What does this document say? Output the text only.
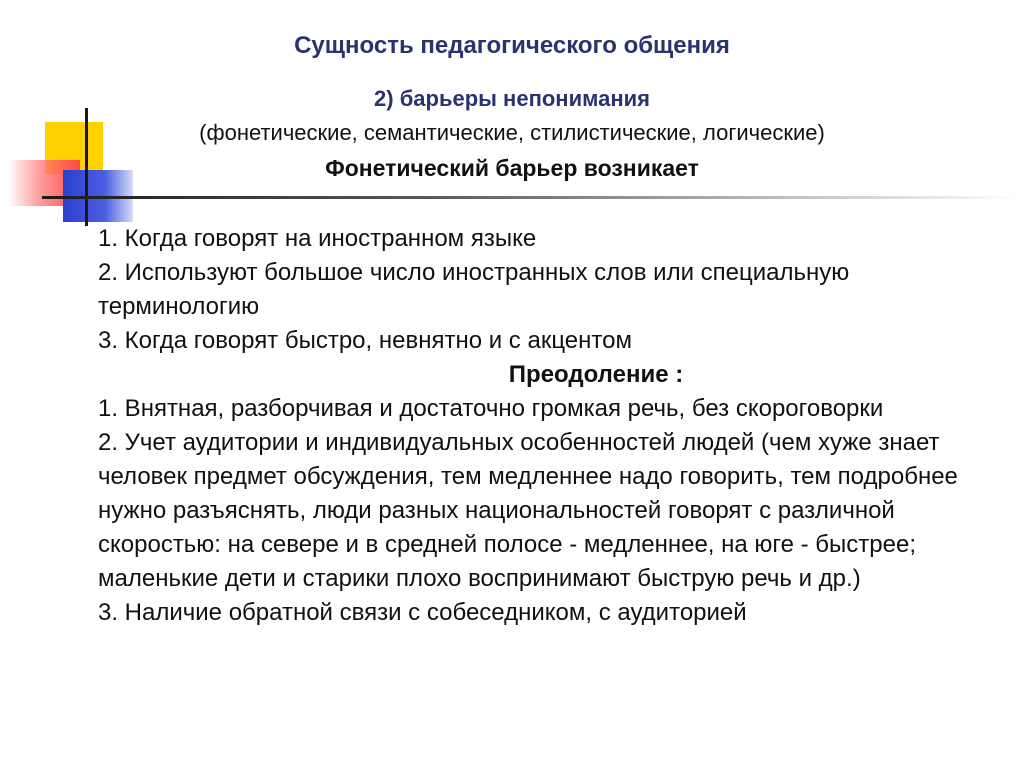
Сущность педагогического общения
2) барьеры непонимания
(фонетические, семантические, стилистические, логические)
Фонетический барьер возникает

1. Когда говорят на иностранном языке

2. Используют большое число иностранных слов или специальную терминологию

3. Когда говорят быстро, невнятно и с акцентом

Преодоление :

1. Внятная, разборчивая и достаточно громкая речь, без скороговорки

2. Учет аудитории и индивидуальных особенностей людей (чем хуже знает человек предмет обсуждения, тем медленнее надо говорить, тем подробнее нужно разъяснять, люди разных национальностей говорят с различной скоростью: на севере и в средней полосе - медленнее, на юге - быстрее; маленькие дети и старики плохо воспринимают быструю речь и др.)

3. Наличие обратной связи с собеседником, с аудиторией
